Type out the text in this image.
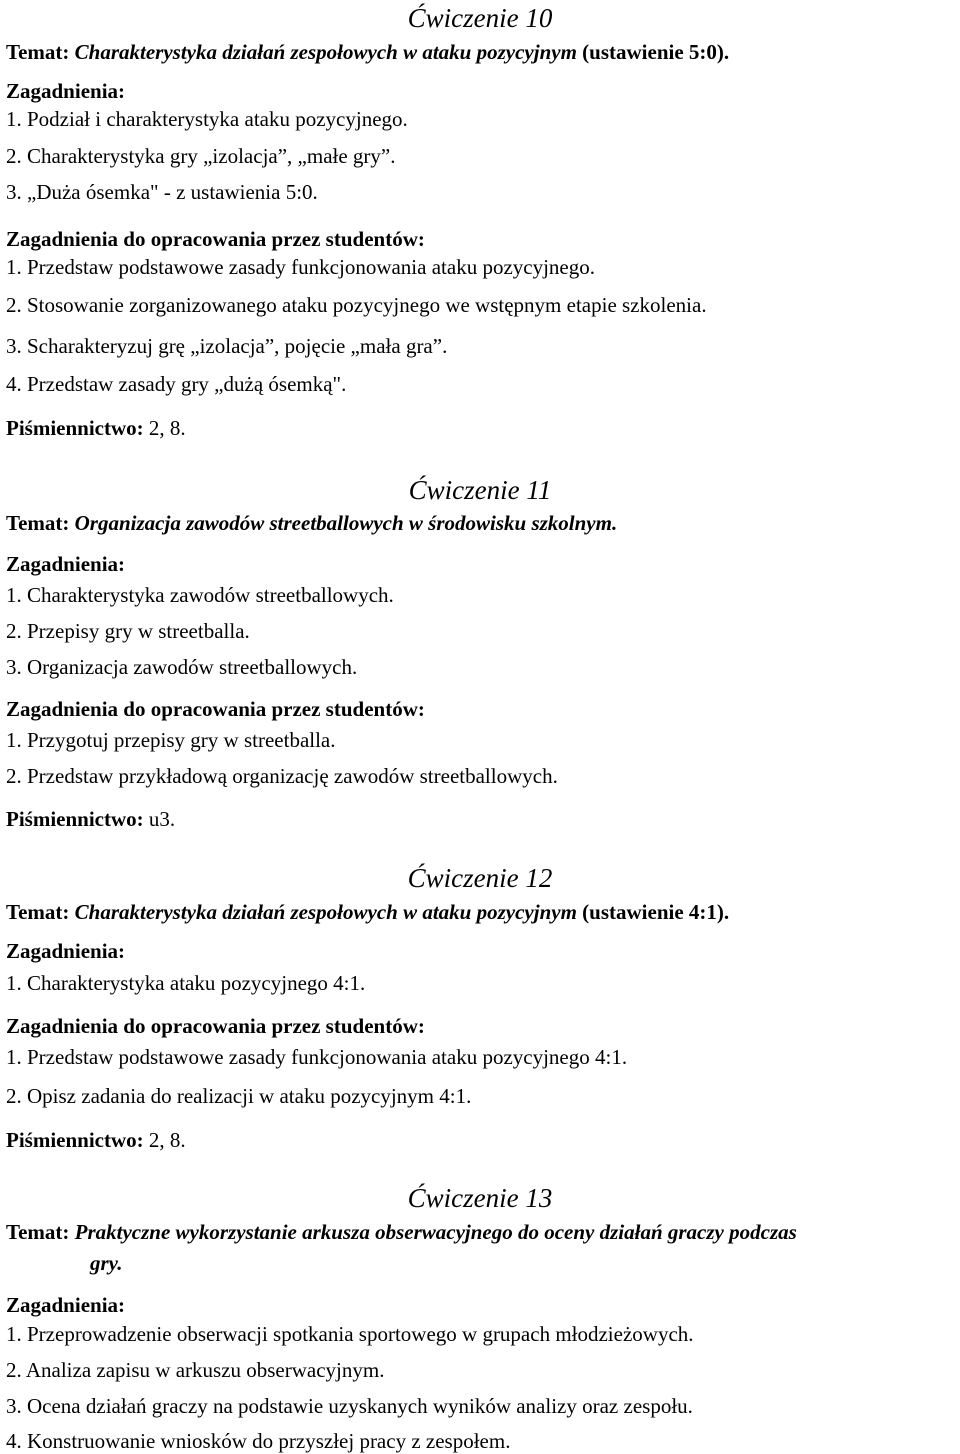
Ćwiczenie 10
Temat: Charakterystyka działań zespołowych w ataku pozycyjnym (ustawienie 5:0).
Zagadnienia:
1. Podział i charakterystyka ataku pozycyjnego.
2. Charakterystyka gry „izolacja”, „małe gry”.
3. „Duża ósemka" - z ustawienia 5:0.
Zagadnienia do opracowania przez studentów:
1. Przedstaw podstawowe zasady funkcjonowania ataku pozycyjnego.
2. Stosowanie zorganizowanego ataku pozycyjnego we wstępnym etapie szkolenia.
3. Scharakteryzuj grę „izolacja”, pojęcie „mała gra”.
4. Przedstaw zasady gry „dużą ósemką".
Piśmiennictwo: 2, 8.
Ćwiczenie 11
Temat: Organizacja zawodów streetballowych w środowisku szkolnym.
Zagadnienia:
1. Charakterystyka zawodów streetballowych.
2. Przepisy gry w streetballa.
3. Organizacja zawodów streetballowych.
Zagadnienia do opracowania przez studentów:
1. Przygotuj przepisy gry w streetballa.
2. Przedstaw przykładową organizację zawodów streetballowych.
Piśmiennictwo: u3.
Ćwiczenie 12
Temat: Charakterystyka działań zespołowych w ataku pozycyjnym (ustawienie 4:1).
Zagadnienia:
1. Charakterystyka ataku pozycyjnego 4:1.
Zagadnienia do opracowania przez studentów:
1. Przedstaw podstawowe zasady funkcjonowania ataku pozycyjnego 4:1.
2. Opisz zadania do realizacji w ataku pozycyjnym 4:1.
Piśmiennictwo: 2, 8.
Ćwiczenie 13
Temat: Praktyczne wykorzystanie arkusza obserwacyjnego do oceny działań graczy podczas
gry.
Zagadnienia:
1. Przeprowadzenie obserwacji spotkania sportowego w grupach młodzieżowych.
2. Analiza zapisu w arkuszu obserwacyjnym.
3. Ocena działań graczy na podstawie uzyskanych wyników analizy oraz zespołu.
4. Konstruowanie wniosków do przyszłej pracy z zespołem.
